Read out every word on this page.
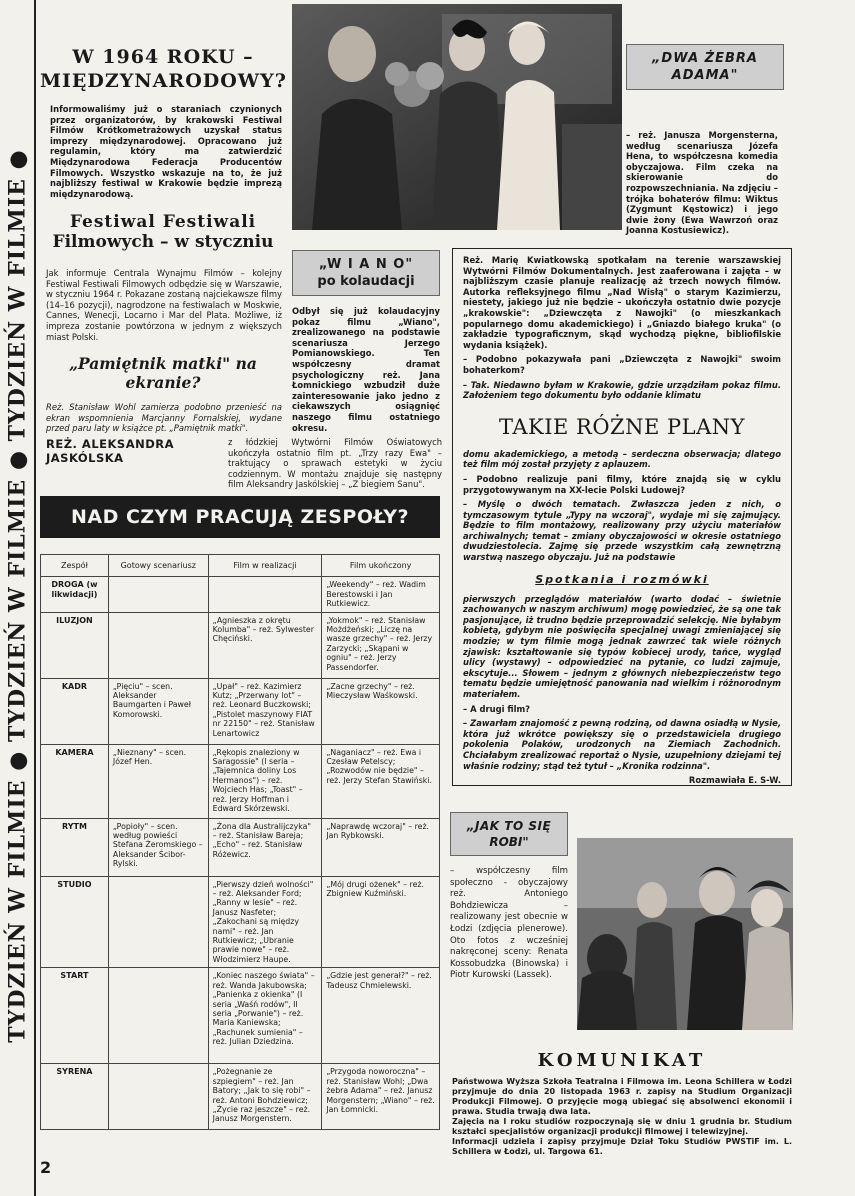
TYDZIEŃ W FILMIE ● TYDZIEŃ W FILMIE ● TYDZIEŃ W FILMIE ●
2
W 1964 ROKU –
MIĘDZYNARODOWY?
Informowaliśmy już o staraniach czynionych przez organizatorów, by krakowski Festiwal Filmów Krótkometrażowych uzyskał status imprezy międzynarodowej. Opracowano już regulamin, który ma zatwierdzić Międzynarodowa Federacja Producentów Filmowych. Wszystko wskazuje na to, że już najbliższy festiwal w Krakowie będzie imprezą międzynarodową.
Festiwal Festiwali
Filmowych – w styczniu
Jak informuje Centrala Wynajmu Filmów – kolejny Festiwal Festiwali Filmowych odbędzie się w Warszawie, w styczniu 1964 r. Pokazane zostaną najciekawsze filmy (14–16 pozycji), nagrodzone na festiwalach w Moskwie, Cannes, Wenecji, Locarno i Mar del Plata. Możliwe, iż impreza zostanie powtórzona w jednym z większych miast Polski.
„Pamiętnik matki" na ekranie?
Reż. Stanisław Wohl zamierza podobno przenieść na ekran wspomnienia Marcjanny Fornalskiej, wydane przed paru laty w książce pt. „Pamiętnik matki".
REŻ. ALEKSANDRA JASKÓLSKA
z łódzkiej Wytwórni Filmów Oświatowych ukończyła ostatnio film pt. „Trzy razy Ewa" – traktujący o sprawach estetyki w życiu codziennym. W montażu znajduje się następny film Aleksandry Jaskólskiej – „Z biegiem Sanu".
„DWA ŻEBRA
ADAMA"
– reż. Janusza Morgensterna, według scenariusza Józefa Hena, to współczesna komedia obyczajowa. Film czeka na skierowanie do rozpowszechniania. Na zdjęciu – trójka bohaterów filmu: Wiktus (Zygmunt Kęstowicz) i jego dwie żony (Ewa Wawrzoń oraz Joanna Kostusiewicz).
„W I A N O"
po kolaudacji
Odbył się już kolaudacyjny pokaz filmu „Wiano", zrealizowanego na podstawie scenariusza Jerzego Pomianowskiego. Ten współczesny dramat psychologiczny reż. Jana Łomnickiego wzbudził duże zainteresowanie jako jedno z ciekawszych osiągnięć naszego filmu ostatniego okresu.
Reż. Marię Kwiatkowską spotkałam na terenie warszawskiej Wytwórni Filmów Dokumentalnych. Jest zaaferowana i zajęta – w najbliższym czasie planuje realizację aż trzech nowych filmów. Autorka refleksyjnego filmu „Nad Wisłą" o starym Kazimierzu, niestety, jakiego już nie będzie – ukończyła ostatnio dwie pozycje „krakowskie": „Dziewczęta z Nawojki" (o mieszkankach popularnego domu akademickiego) i „Gniazdo białego kruka" (o zakładzie typograficznym, skąd wychodzą piękne, bibliofilskie wydania książek).
– Podobno pokazywała pani „Dziewczęta z Nawojki" swoim bohaterkom?
– Tak. Niedawno byłam w Krakowie, gdzie urządziłam pokaz filmu. Założeniem tego dokumentu było oddanie klimatu
TAKIE RÓŻNE PLANY
domu akademickiego, a metodą – serdeczna obserwacja; dlatego też film mój został przyjęty z aplauzem.
– Podobno realizuje pani filmy, które znajdą się w cyklu przygotowywanym na XX-lecie Polski Ludowej?
– Myślę o dwóch tematach. Zwłaszcza jeden z nich, o tymczasowym tytule „Typy na wczoraj", wydaje mi się zajmujący. Będzie to film montażowy, realizowany przy użyciu materiałów archiwalnych; temat – zmiany obyczajowości w okresie ostatniego dwudziestolecia. Zajmę się przede wszystkim całą zewnętrzną warstwą naszego obyczaju. Już na podstawie
Spotkania i rozmówki
pierwszych przeglądów materiałów (warto dodać – świetnie zachowanych w naszym archiwum) mogę powiedzieć, że są one tak pasjonujące, iż trudno będzie przeprowadzić selekcję. Nie byłabym kobietą, gdybym nie poświęciła specjalnej uwagi zmieniającej się modzie; w tym filmie mogą jednak zawrzeć tak wiele różnych zjawisk: kształtowanie się typów kobiecej urody, tańce, wygląd ulicy (wystawy) – odpowiedzieć na pytanie, co ludzi zajmuje, ekscytuje... Słowem – jednym z głównych niebezpieczeństw tego tematu będzie umiejętność panowania nad wielkim i różnorodnym materiałem.
– A drugi film?
– Zawarłam znajomość z pewną rodziną, od dawna osiadłą w Nysie, która już wkrótce powiększy się o przedstawiciela drugiego pokolenia Polaków, urodzonych na Ziemiach Zachodnich. Chciałabym zrealizować reportaż o Nysie, uzupełniony dziejami tej właśnie rodziny; stąd też tytuł – „Kronika rodzinna".
Rozmawiała E. S-W.
NAD CZYM PRACUJĄ ZESPOŁY?
Zespół	Gotowy scenariusz	Film w realizacji	Film ukończony
DROGA (w likwidacji)			„Weekendy" – reż. Wadim Berestowski i Jan Rutkiewicz.
ILUZJON		„Agnieszka z okrętu Kolumba" – reż. Sylwester Chęciński.	„Yokmok" – reż. Stanisław Możdżeński; „Liczę na wasze grzechy" – reż. Jerzy Zarzycki; „Skąpani w ogniu" – reż. Jerzy Passendorfer.
KADR	„Pięciu" – scen. Aleksander Baumgarten i Paweł Komorowski.	„Upał" – reż. Kazimierz Kutz; „Przerwany lot" – reż. Leonard Buczkowski; „Pistolet maszynowy FIAT nr 22150" – reż. Stanisław Lenartowicz	„Zacne grzechy" – reż. Mieczysław Waśkowski.
KAMERA	„Nieznany" – scen. Józef Hen.	„Rękopis znaleziony w Saragossie" (I seria – „Tajemnica doliny Los Hermanos") – reż. Wojciech Has; „Toast" – reż. Jerzy Hoffman i Edward Skórzewski.	„Naganiacz" – reż. Ewa i Czesław Petelscy; „Rozwodów nie będzie" – reż. Jerzy Stefan Stawiński.
RYTM	„Popioły" – scen. według powieści Stefana Żeromskiego – Aleksander Ścibor-Rylski.	„Żona dla Australijczyka" – reż. Stanisław Bareja; „Echo" – reż. Stanisław Różewicz.	„Naprawdę wczoraj" – reż. Jan Rybkowski.
STUDIO		„Pierwszy dzień wolności" – reż. Aleksander Ford; „Ranny w lesie" – reż. Janusz Nasfeter; „Zakochani są między nami" – reż. Jan Rutkiewicz; „Ubranie prawie nowe" – reż. Włodzimierz Haupe.	„Mój drugi ożenek" – reż. Zbigniew Kuźmiński.
START		„Koniec naszego świata" – reż. Wanda Jakubowska; „Panienka z okienka" (I seria „Waśń rodów", II seria „Porwanie") – reż. Maria Kaniewska; „Rachunek sumienia" – reż. Julian Dziedzina.	„Gdzie jest generał?" – reż. Tadeusz Chmielewski.
SYRENA		„Pożegnanie ze szpiegiem" – reż. Jan Batory; „Jak to się robi" – reż. Antoni Bohdziewicz; „Życie raz jeszcze" – reż. Janusz Morgenstern.	„Przygoda noworoczna" – reż. Stanisław Wohl; „Dwa żebra Adama" – reż. Janusz Morgenstern; „Wiano" – reż. Jan Łomnicki.
„JAK TO SIĘ
ROBI"
– współczesny film społeczno - obyczajowy reż. Antoniego Bohdziewicza – realizowany jest obecnie w Łodzi (zdjęcia plenerowe). Oto fotos z wcześniej nakręconej sceny: Renata Kossobudzka (Binowska) i Piotr Kurowski (Lassek).
KOMUNIKAT
Państwowa Wyższa Szkoła Teatralna i Filmowa im. Leona Schillera w Łodzi przyjmuje do dnia 20 listopada 1963 r. zapisy na Studium Organizacji Produkcji Filmowej. O przyjęcie mogą ubiegać się absolwenci ekonomii i prawa. Studia trwają dwa lata.
Zajęcia na I roku studiów rozpoczynają się w dniu 1 grudnia br. Studium kształci specjalistów organizacji produkcji filmowej i telewizyjnej.
Informacji udziela i zapisy przyjmuje Dział Toku Studiów PWSTiF im. L. Schillera w Łodzi, ul. Targowa 61.
